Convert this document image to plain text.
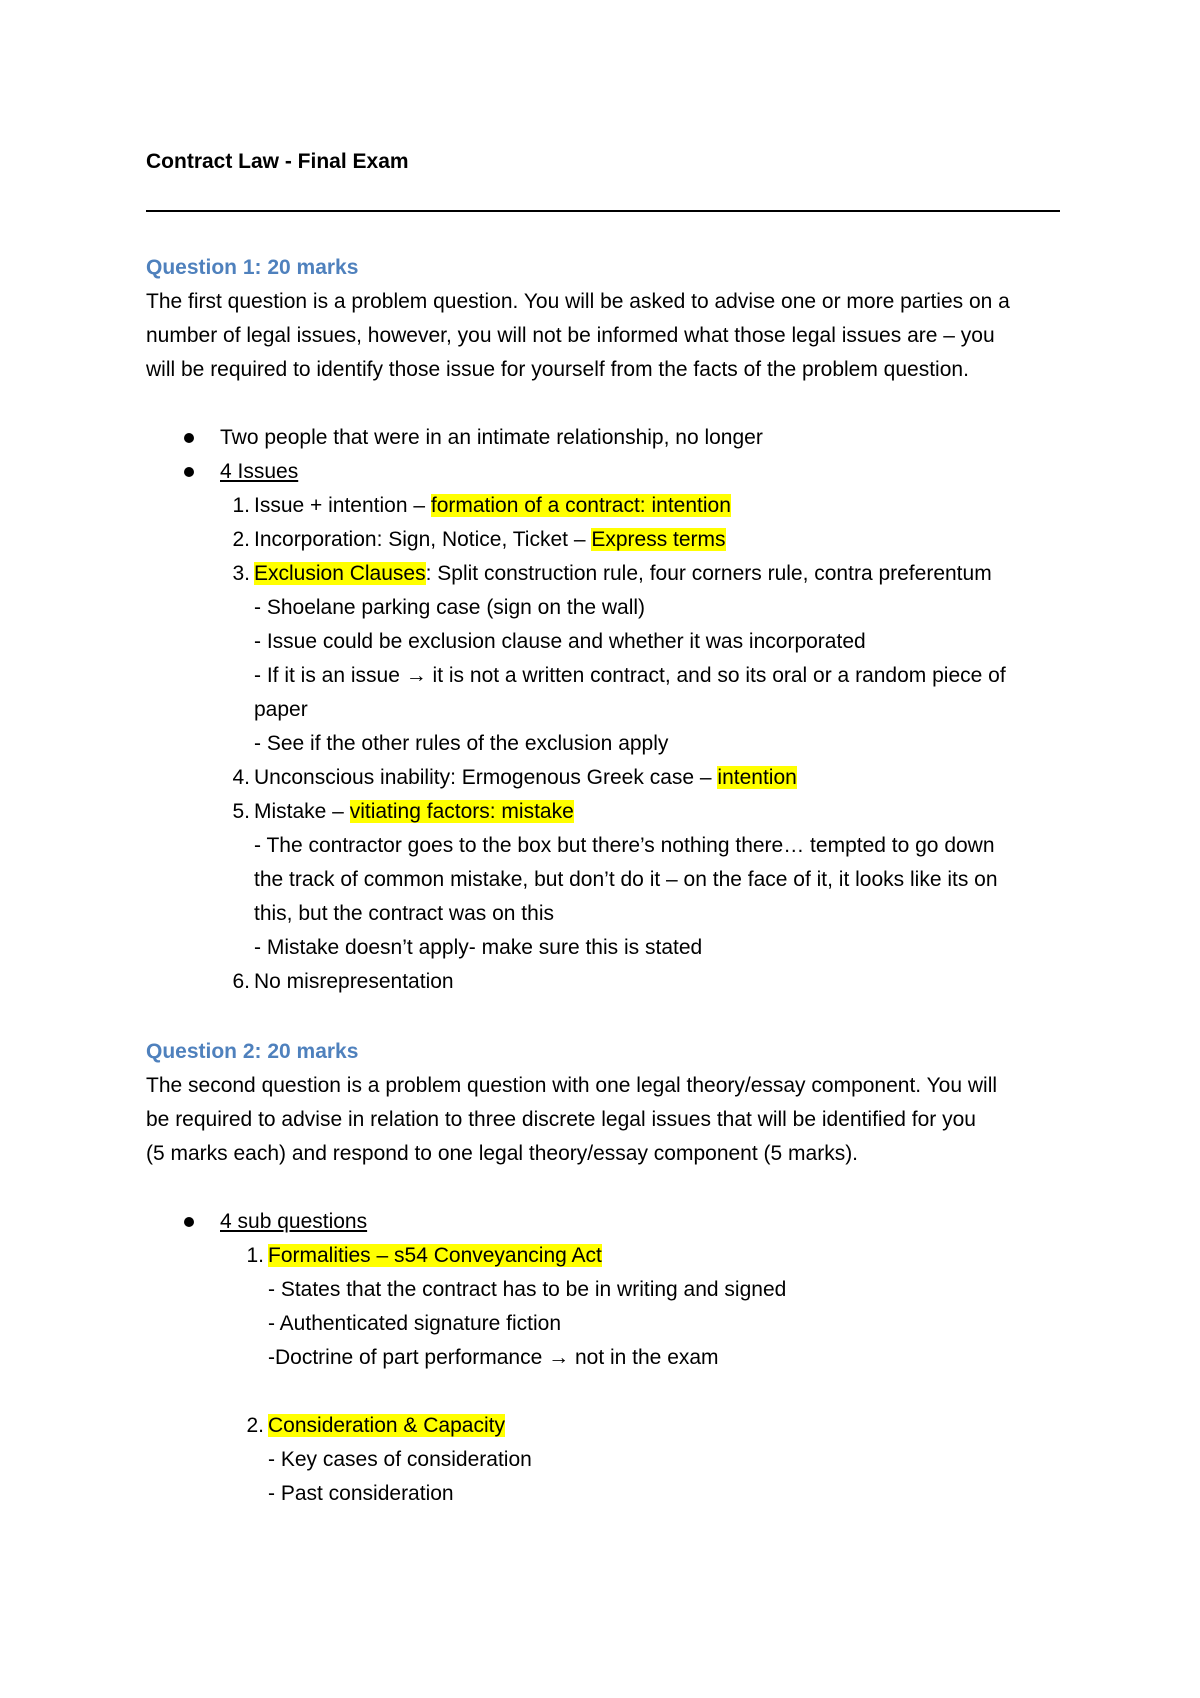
Contract Law - Final Exam
Question 1: 20 marks
The first question is a problem question. You will be asked to advise one or more parties on a
number of legal issues, however, you will not be informed what those legal issues are – you
will be required to identify those issue for yourself from the facts of the problem question.
Two people that were in an intimate relationship, no longer
4 Issues
1. Issue + intention – formation of a contract: intention
2. Incorporation: Sign, Notice, Ticket – Express terms
3. Exclusion Clauses: Split construction rule, four corners rule, contra preferentum
- Shoelane parking case (sign on the wall)
- Issue could be exclusion clause and whether it was incorporated
- If it is an issue → it is not a written contract, and so its oral or a random piece of
paper
- See if the other rules of the exclusion apply
4. Unconscious inability: Ermogenous Greek case – intention
5. Mistake – vitiating factors: mistake
- The contractor goes to the box but there’s nothing there… tempted to go down
the track of common mistake, but don’t do it – on the face of it, it looks like its on
this, but the contract was on this
- Mistake doesn’t apply- make sure this is stated
6. No misrepresentation
Question 2: 20 marks
The second question is a problem question with one legal theory/essay component. You will
be required to advise in relation to three discrete legal issues that will be identified for you
(5 marks each) and respond to one legal theory/essay component (5 marks).
4 sub questions
1. Formalities – s54 Conveyancing Act
- States that the contract has to be in writing and signed
- Authenticated signature fiction
-Doctrine of part performance → not in the exam
2. Consideration & Capacity
- Key cases of consideration
- Past consideration
